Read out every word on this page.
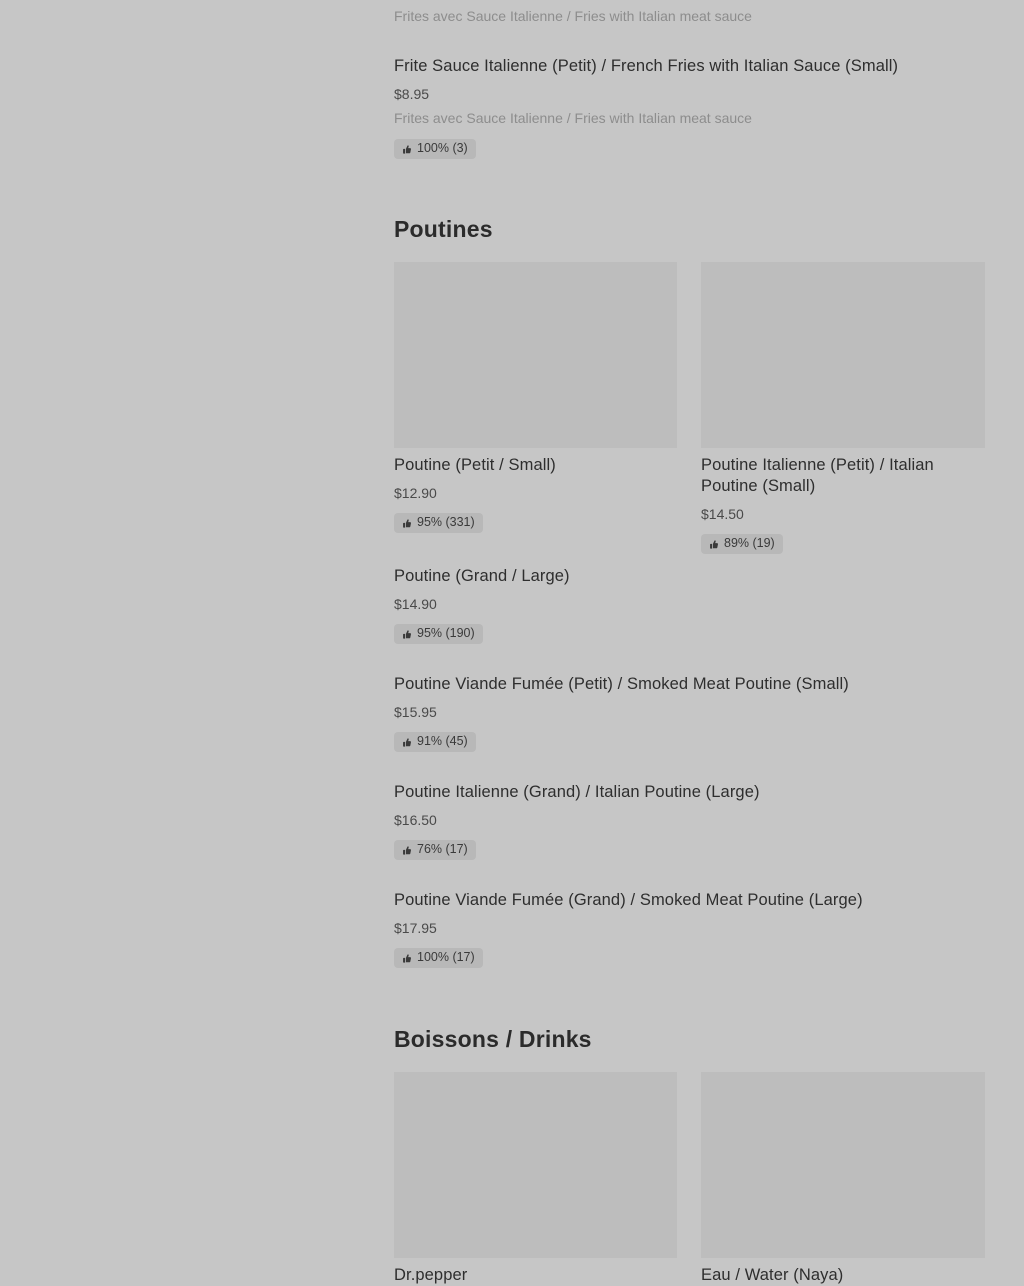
Frites avec Sauce Italienne / Fries with Italian meat sauce

Frite Sauce Italienne (Petit) / French Fries with Italian Sauce (Small)

$8.95

Frites avec Sauce Italienne / Fries with Italian meat sauce

100% (3)
Poutines

Poutine (Petit / Small)

$12.90

95% (331)

Poutine Italienne (Petit) / Italian Poutine (Small)

$14.50

89% (19)

Poutine (Grand / Large)

$14.90

95% (190)

Poutine Viande Fumée (Petit) / Smoked Meat Poutine (Small)

$15.95

91% (45)

Poutine Italienne (Grand) / Italian Poutine (Large)

$16.50

76% (17)

Poutine Viande Fumée (Grand) / Smoked Meat Poutine (Large)

$17.95

100% (17)
Boissons / Drinks

Dr.pepper	Eau / Water (Naya)
